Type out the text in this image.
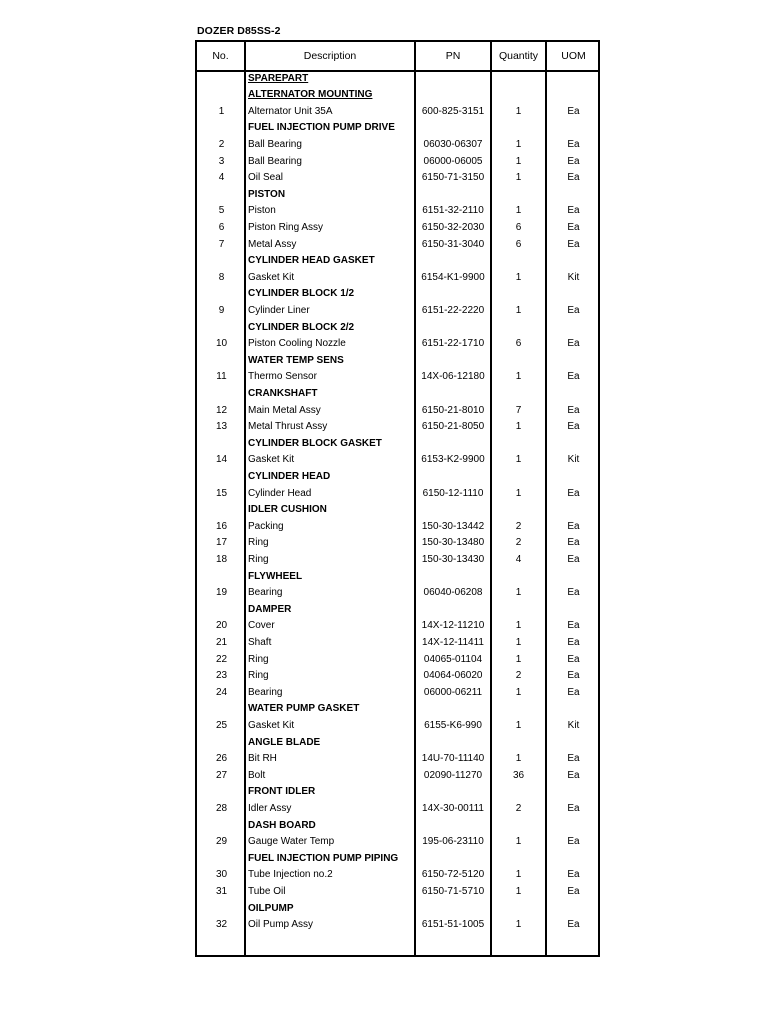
DOZER D85SS-2
No.	Description	PN	Quantity	UOM
SPAREPART
ALTERNATOR MOUNTING
1	Alternator Unit 35A	600-825-3151	1	Ea
FUEL INJECTION PUMP DRIVE
2	Ball Bearing	06030-06307	1	Ea
3	Ball Bearing	06000-06005	1	Ea
4	Oil Seal	6150-71-3150	1	Ea
PISTON
5	Piston	6151-32-2110	1	Ea
6	Piston Ring Assy	6150-32-2030	6	Ea
7	Metal Assy	6150-31-3040	6	Ea
CYLINDER HEAD GASKET
8	Gasket Kit	6154-K1-9900	1	Kit
CYLINDER BLOCK 1/2
9	Cylinder Liner	6151-22-2220	1	Ea
CYLINDER BLOCK 2/2
10	Piston Cooling Nozzle	6151-22-1710	6	Ea
WATER TEMP SENS
11	Thermo Sensor	14X-06-12180	1	Ea
CRANKSHAFT
12	Main Metal Assy	6150-21-8010	7	Ea
13	Metal Thrust Assy	6150-21-8050	1	Ea
CYLINDER BLOCK GASKET
14	Gasket Kit	6153-K2-9900	1	Kit
CYLINDER HEAD
15	Cylinder Head	6150-12-1110	1	Ea
IDLER CUSHION
16	Packing	150-30-13442	2	Ea
17	Ring	150-30-13480	2	Ea
18	Ring	150-30-13430	4	Ea
FLYWHEEL
19	Bearing	06040-06208	1	Ea
DAMPER
20	Cover	14X-12-11210	1	Ea
21	Shaft	14X-12-11411	1	Ea
22	Ring	04065-01104	1	Ea
23	Ring	04064-06020	2	Ea
24	Bearing	06000-06211	1	Ea
WATER PUMP GASKET
25	Gasket Kit	6155-K6-990	1	Kit
ANGLE BLADE
26	Bit RH	14U-70-11140	1	Ea
27	Bolt	02090-11270	36	Ea
FRONT IDLER
28	Idler Assy	14X-30-00111	2	Ea
DASH BOARD
29	Gauge Water Temp	195-06-23110	1	Ea
FUEL INJECTION PUMP PIPING
30	Tube Injection no.2	6150-72-5120	1	Ea
31	Tube Oil	6150-71-5710	1	Ea
OILPUMP
32	Oil Pump Assy	6151-51-1005	1	Ea
